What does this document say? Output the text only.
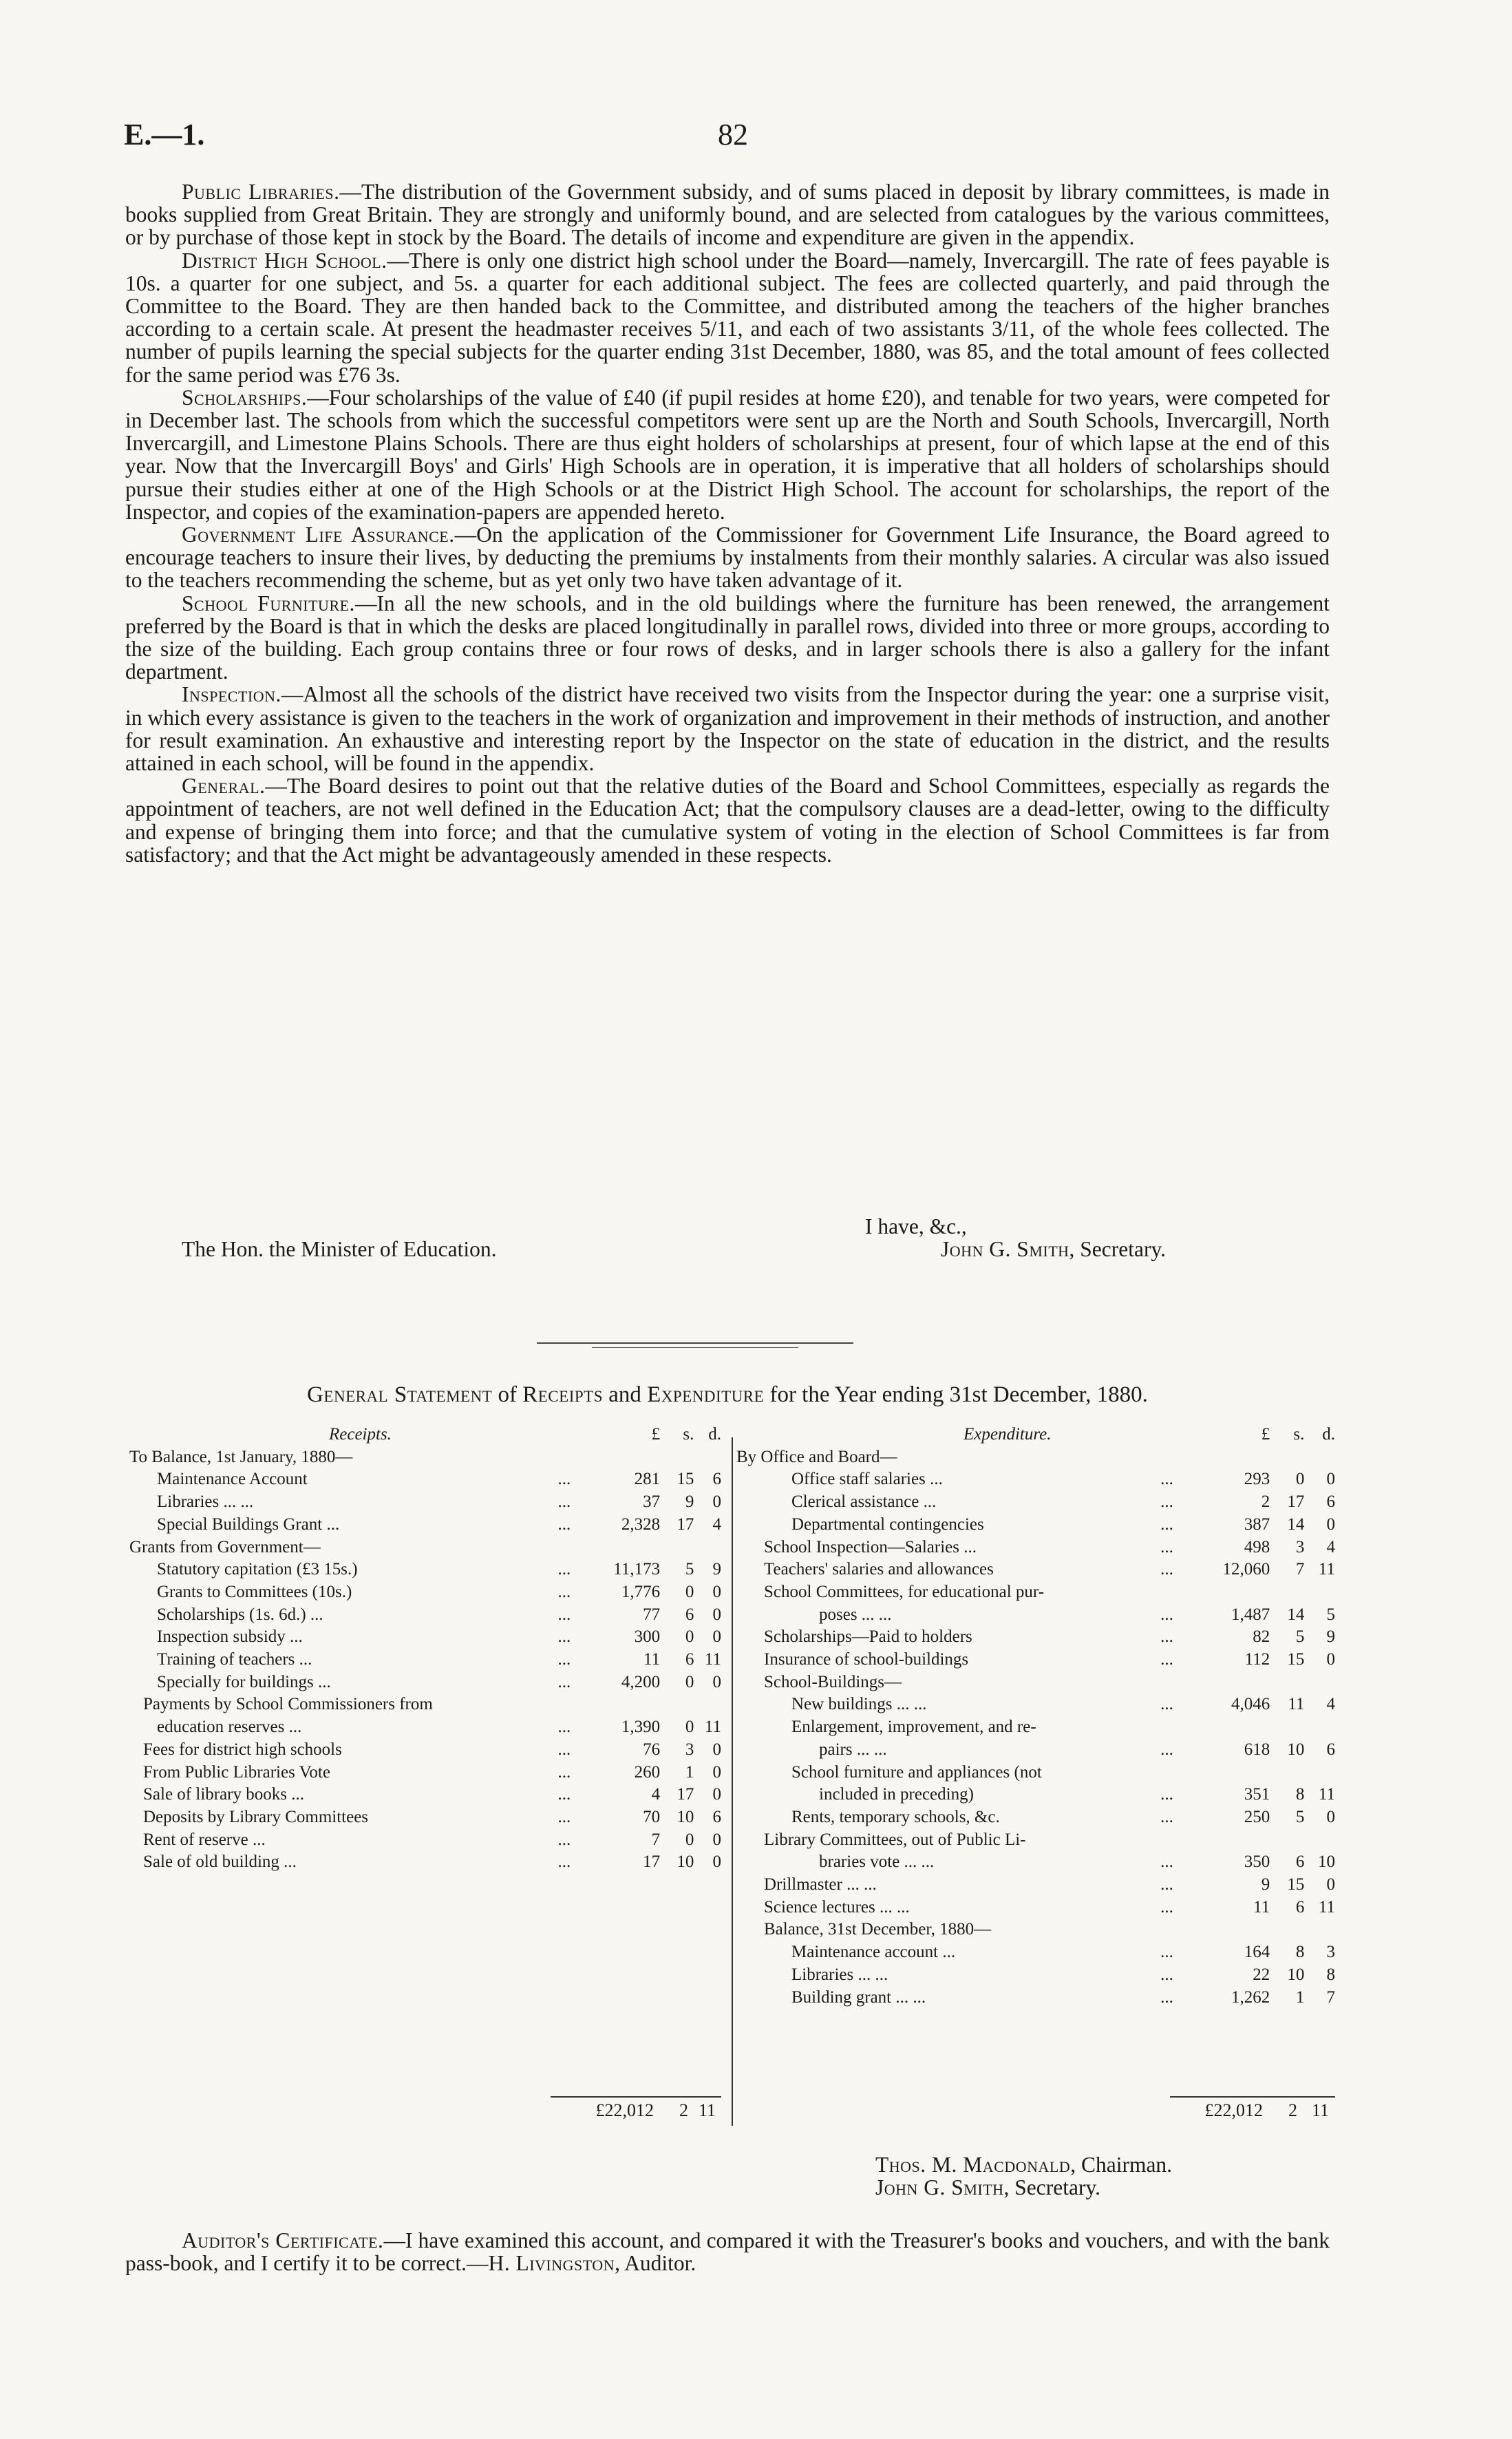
E.—1.	82

Public Libraries.—The distribution of the Government subsidy, and of sums placed in deposit by library committees, is made in books supplied from Great Britain. They are strongly and uniformly bound, and are selected from catalogues by the various committees, or by purchase of those kept in stock by the Board. The details of income and expenditure are given in the appendix.

District High School.—There is only one district high school under the Board—namely, Invercargill. The rate of fees payable is 10s. a quarter for one subject, and 5s. a quarter for each additional subject. The fees are collected quarterly, and paid through the Committee to the Board. They are then handed back to the Committee, and distributed among the teachers of the higher branches according to a certain scale. At present the headmaster receives 5/11, and each of two assistants 3/11, of the whole fees collected. The number of pupils learning the special subjects for the quarter ending 31st December, 1880, was 85, and the total amount of fees collected for the same period was £76 3s.

Scholarships.—Four scholarships of the value of £40 (if pupil resides at home £20), and tenable for two years, were competed for in December last. The schools from which the successful competitors were sent up are the North and South Schools, Invercargill, North Invercargill, and Limestone Plains Schools. There are thus eight holders of scholarships at present, four of which lapse at the end of this year. Now that the Invercargill Boys' and Girls' High Schools are in operation, it is imperative that all holders of scholarships should pursue their studies either at one of the High Schools or at the District High School. The account for scholarships, the report of the Inspector, and copies of the examination-papers are appended hereto.

Government Life Assurance.—On the application of the Commissioner for Government Life Insurance, the Board agreed to encourage teachers to insure their lives, by deducting the premiums by instalments from their monthly salaries. A circular was also issued to the teachers recommending the scheme, but as yet only two have taken advantage of it.

School Furniture.—In all the new schools, and in the old buildings where the furniture has been renewed, the arrangement preferred by the Board is that in which the desks are placed longitudinally in parallel rows, divided into three or more groups, according to the size of the building. Each group contains three or four rows of desks, and in larger schools there is also a gallery for the infant department.

Inspection.—Almost all the schools of the district have received two visits from the Inspector during the year: one a surprise visit, in which every assistance is given to the teachers in the work of organization and improvement in their methods of instruction, and another for result examination. An exhaustive and interesting report by the Inspector on the state of education in the district, and the results attained in each school, will be found in the appendix.

General.—The Board desires to point out that the relative duties of the Board and School Committees, especially as regards the appointment of teachers, are not well defined in the Education Act; that the compulsory clauses are a dead-letter, owing to the difficulty and expense of bringing them into force; and that the cumulative system of voting in the election of School Committees is far from satisfactory; and that the Act might be advantageously amended in these respects.

I have, &c.,
The Hon. the Minister of Education.	John G. Smith, Secretary.
General Statement of Receipts and Expenditure for the Year ending 31st December, 1880.
Receipts.		£	s.	d.
To Balance, 1st January, 1880—				
Maintenance Account	...	281	15	6
Libraries ... ...	...	37	9	0
Special Buildings Grant ...	...	2,328	17	4
Grants from Government—				
Statutory capitation (£3 15s.)	...	11,173	5	9
Grants to Committees (10s.)	...	1,776	0	0
Scholarships (1s. 6d.) ...	...	77	6	0
Inspection subsidy ...	...	300	0	0
Training of teachers ...	...	11	6	11
Specially for buildings ...	...	4,200	0	0
Payments by School Commissioners from				
education reserves ...	...	1,390	0	11
Fees for district high schools	...	76	3	0
From Public Libraries Vote	...	260	1	0
Sale of library books ...	...	4	17	0
Deposits by Library Committees	...	70	10	6
Rent of reserve ...	...	7	0	0
Sale of old building ...	...	17	10	0
Expenditure.		£	s.	d.
By Office and Board—				
Office staff salaries ...	...	293	0	0
Clerical assistance ...	...	2	17	6
Departmental contingencies	...	387	14	0
School Inspection—Salaries ...	...	498	3	4
Teachers' salaries and allowances	...	12,060	7	11
School Committees, for educational pur-				
poses ... ...	...	1,487	14	5
Scholarships—Paid to holders	...	82	5	9
Insurance of school-buildings	...	112	15	0
School-Buildings—				
New buildings ... ...	...	4,046	11	4
Enlargement, improvement, and re-				
pairs ... ...	...	618	10	6
School furniture and appliances (not				
included in preceding)	...	351	8	11
Rents, temporary schools, &c.	...	250	5	0
Library Committees, out of Public Li-				
braries vote ... ...	...	350	6	10
Drillmaster ... ...	...	9	15	0
Science lectures ... ...	...	11	6	11
Balance, 31st December, 1880—				
Maintenance account ...	...	164	8	3
Libraries ... ...	...	22	10	8
Building grant ... ...	...	1,262	1	7
£22,012 2 11	£22,012 2 11
Thos. M. Macdonald, Chairman.
John G. Smith, Secretary.
Auditor's Certificate.—I have examined this account, and compared it with the Treasurer's books and vouchers, and with the bank pass-book, and I certify it to be correct.—H. Livingston, Auditor.
